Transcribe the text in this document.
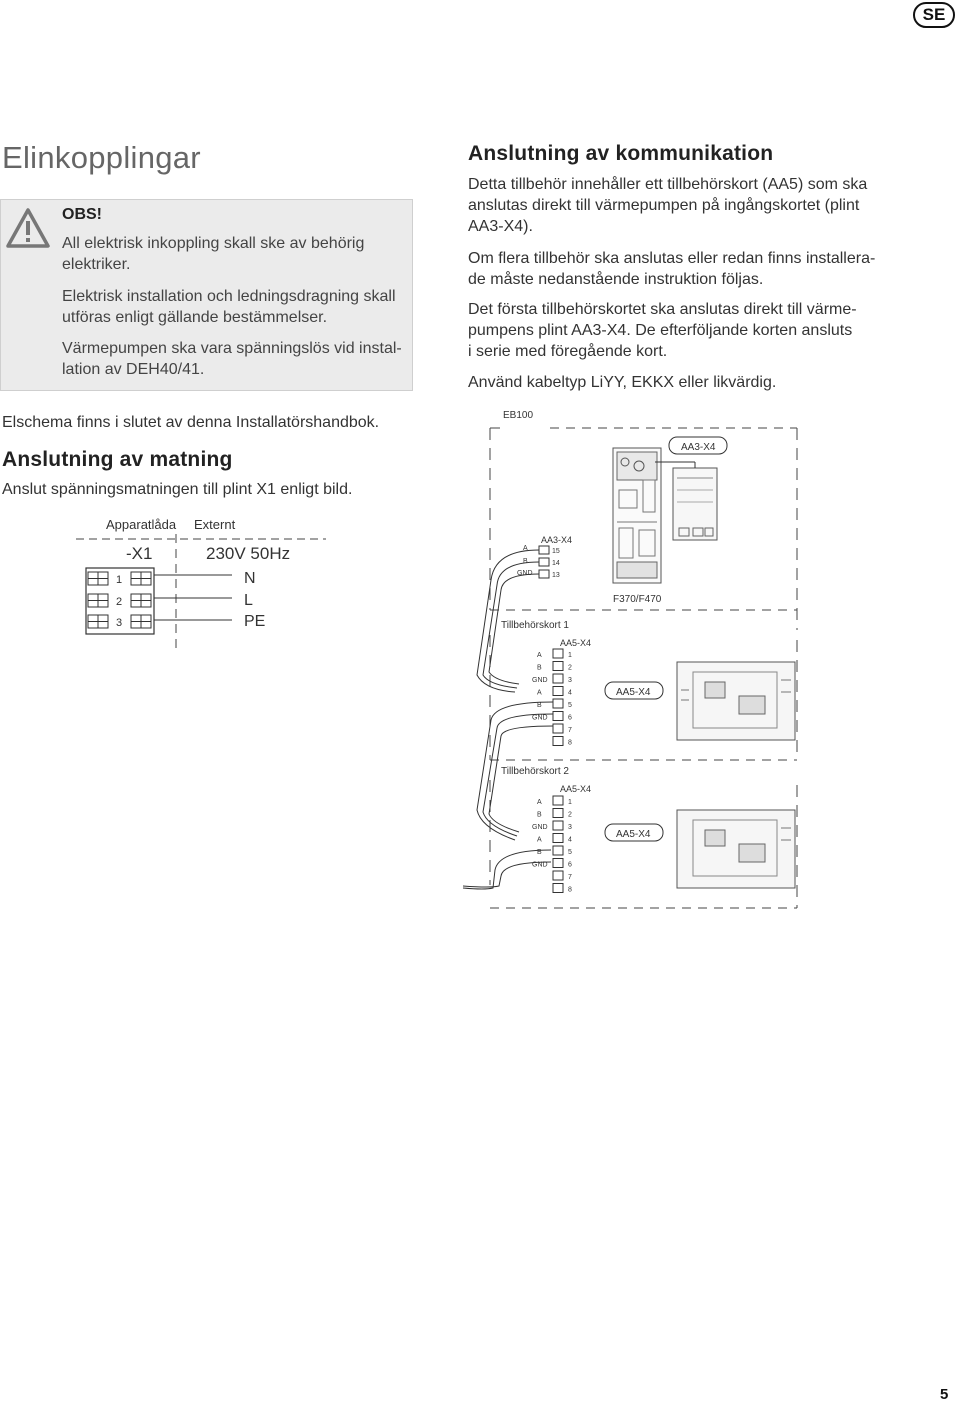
SE
Elinkopplingar
OBS!
All elektrisk inkoppling skall ske av behörig
elektriker.
Elektrisk installation och ledningsdragning skall
utföras enligt gällande bestämmelser.
Värmepumpen ska vara spänningslös vid instal-
lation av DEH40/41.
Elschema finns i slutet av denna Installatörshandbok.
Anslutning av matning
Anslut spänningsmatningen till plint X1 enligt bild.
Apparatlåda Externt
-X1	230V 50Hz
1
2
3
N
L
PE
Anslutning av kommunikation
Detta tillbehör innehåller ett tillbehörskort (AA5) som ska
anslutas direkt till värmepumpen på ingångskortet (plint
AA3-X4).
Om flera tillbehör ska anslutas eller redan finns installera-
de måste nedanstående instruktion följas.
Det första tillbehörskortet ska anslutas direkt till värme-
pumpens plint AA3-X4. De efterföljande korten ansluts
i serie med föregående kort.
Använd kabeltyp LiYY, EKKX eller likvärdig.
EB100
F370/F470
AA3-X4
AA3-X4
A
B
GND
15
14
13
Tillbehörskort 1
AA5-X4
1
2
3
4
5
6
7
8
A
B
GND
A
B
GND
AA5-X4
Tillbehörskort 2
AA5-X4
1
2
3
4
5
6
7
8
A
B
GND
A
B
GND
AA5-X4
5
